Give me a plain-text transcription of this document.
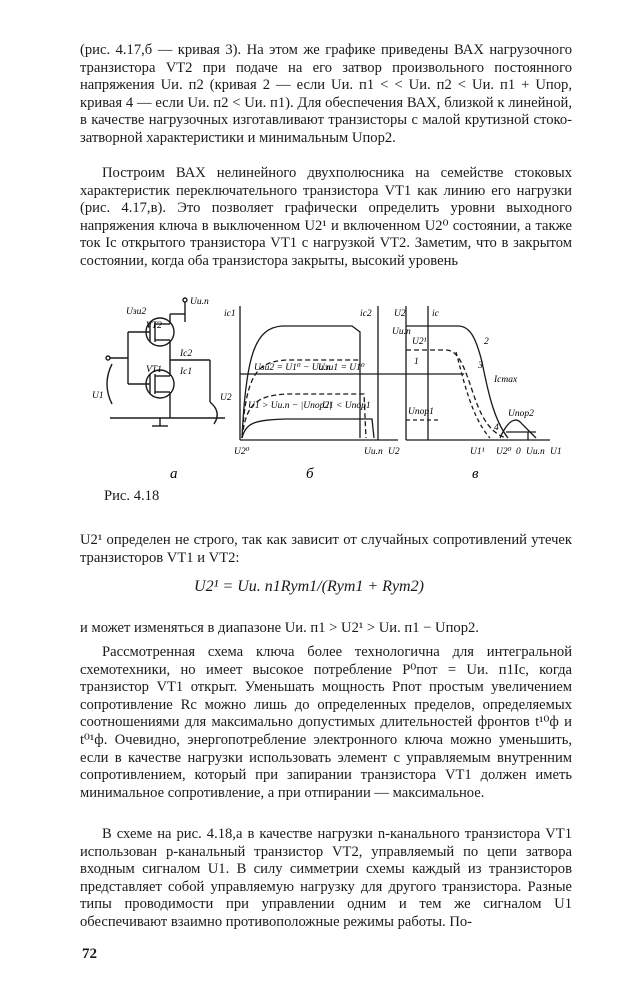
(рис. 4.17,б — кривая 3). На этом же графике приведены ВАХ нагрузочного транзистора VT2 при подаче на его затвор произвольного постоянного напряжения Uи. п2 (кривая 2 — если Uи. п1 < < Uи. п2 < Uи. п1 + Uпор, кривая 4 — если Uи. п2 < Uи. п1). Для обеспечения ВАХ, близкой к линейной, в качестве нагрузочных изготавливают транзисторы с малой крутизной стоко-затворной характеристики и минимальным Uпор2.
Построим ВАХ нелинейного двухполюсника на семействе стоковых характеристик переключательного транзистора VT1 как линию его нагрузки (рис. 4.17,в). Это позволяет графически определить уровни выходного напряжения ключа в выключенном U2¹ и включенном U2⁰ состоянии, а также ток Iс открытого транзистора VT1 с нагрузкой VT2. Заметим, что в закрытом состоянии, когда оба транзистора закрыты, высокий уровень
Uзи2
Uи.п
VT2
VT1
Iс2
Iс1
U1	U2
а
iс1	iс2
Uзи2 = U1⁰ − Uи.п
Uзи1 = U1⁰
U1 > Uи.п − |Uпор2|
U1 < Uпор1
U2⁰	Uи.п U2
б
U2	iс
Uи.п
U2¹
1
2
3
4
Iсmax
Uпор1	Uпор2
U1¹ U2⁰ 0 Uи.п U1
в
Рис. 4.18
U2¹ определен не строго, так как зависит от случайных сопротивлений утечек транзисторов VT1 и VT2:
U2¹ = Uи. п1Rут1/(Rут1 + Rут2)
и может изменяться в диапазоне Uи. п1 > U2¹ > Uи. п1 − Uпор2.
Рассмотренная схема ключа более технологична для интегральной схемотехники, но имеет высокое потребление P⁰пот = Uи. п1Iс, когда транзистор VT1 открыт. Уменьшать мощность Pпот простым увеличением сопротивление Rс можно лишь до определенных пределов, определяемых соотношениями для максимально допустимых длительностей фронтов t¹⁰ф и t⁰¹ф. Очевидно, энергопотребление электронного ключа можно уменьшить, если в качестве нагрузки использовать элемент с управляемым внутренним сопротивлением, который при запирании транзистора VT1 должен иметь минимальное сопротивление, а при отпирании — максимальное.
В схеме на рис. 4.18,а в качестве нагрузки n-канального транзистора VT1 использован p-канальный транзистор VT2, управляемый по цепи затвора входным сигналом U1. В силу симметрии схемы каждый из транзисторов представляет собой управляемую нагрузку для другого транзистора. Разные типы проводимости при управлении одним и тем же сигналом U1 обеспечивают взаимно противоположные режимы работы. По-
72
